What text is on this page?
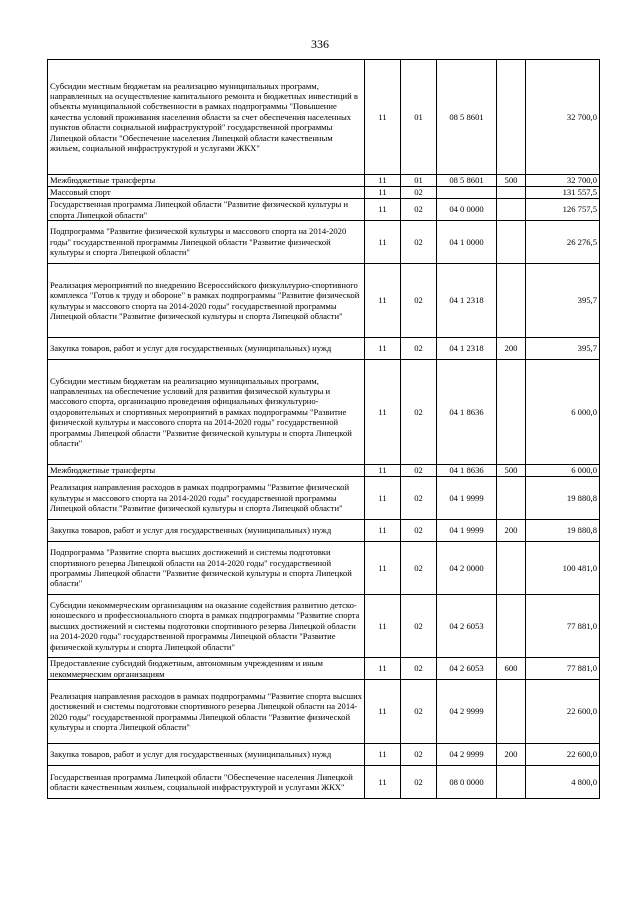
336
Субсидии местным бюджетам на реализацию муниципальных программ, направленных на осуществление капитального ремонта и бюджетных инвестиций в объекты муниципальной собственности в рамках подпрограммы "Повышение качества условий проживания населения области за счет обеспечения населенных пунктов области социальной инфраструктурой" государственной программы Липецкой области "Обеспечение населения Липецкой области качественным жильем, социальной инфраструктурой и услугами ЖКХ"	11	01	08 5 8601		32 700,0
Межбюджетные трансферты	11	01	08 5 8601	500	32 700,0
Массовый спорт	11	02			131 557,5
Государственная программа Липецкой области "Развитие физической культуры и спорта Липецкой области"	11	02	04 0 0000		126 757,5
Подпрограмма "Развитие физической культуры и массового спорта на 2014-2020 годы" государственной программы Липецкой области "Развитие физической культуры и спорта Липецкой области"	11	02	04 1 0000		26 276,5
Реализация мероприятий по внедрению Всероссийского физкультурно-спортивного комплекса "Готов к труду и обороне" в рамках подпрограммы "Развитие физической культуры и массового спорта на 2014-2020 годы" государственной программы Липецкой области "Развитие физической культуры и спорта Липецкой области"	11	02	04 1 2318		395,7
Закупка товаров, работ и услуг для государственных (муниципальных) нужд	11	02	04 1 2318	200	395,7
Субсидии местным бюджетам на реализацию муниципальных программ, направленных на обеспечение условий для развития физической культуры и массового спорта, организацию проведения официальных физкультурно-оздоровительных и спортивных мероприятий в рамках подпрограммы "Развитие физической культуры и массового спорта на 2014-2020 годы" государственной программы Липецкой области "Развитие физической культуры и спорта Липецкой области"	11	02	04 1 8636		6 000,0
Межбюджетные трансферты	11	02	04 1 8636	500	6 000,0
Реализация направления расходов в рамках подпрограммы "Развитие физической культуры и массового спорта на 2014-2020 годы" государственной программы Липецкой области "Развитие физической культуры и спорта Липецкой области"	11	02	04 1 9999		19 880,8
Закупка товаров, работ и услуг для государственных (муниципальных) нужд	11	02	04 1 9999	200	19 880,8
Подпрограмма "Развитие спорта высших достижений и системы подготовки спортивного резерва Липецкой области на 2014-2020 годы" государственной программы Липецкой области "Развитие физической культуры и спорта Липецкой области"	11	02	04 2 0000		100 481,0
Субсидии некоммерческим организациям на оказание содействия развитию детско-юношеского и профессионального спорта в рамках подпрограммы "Развитие спорта высших достижений и системы подготовки спортивного резерва Липецкой области на 2014-2020 годы" государственной программы Липецкой области "Развитие физической культуры и спорта Липецкой области"	11	02	04 2 6053		77 881,0
Предоставление субсидий бюджетным, автономным учреждениям и иным некоммерческим организациям	11	02	04 2 6053	600	77 881,0
Реализация направления расходов в рамках подпрограммы "Развитие спорта высших достижений и системы подготовки спортивного резерва Липецкой области на 2014-2020 годы" государственной программы Липецкой области "Развитие физической культуры и спорта Липецкой области"	11	02	04 2 9999		22 600,0
Закупка товаров, работ и услуг для государственных (муниципальных) нужд	11	02	04 2 9999	200	22 600,0
Государственная программа Липецкой области "Обеспечение населения Липецкой области качественным жильем, социальной инфраструктурой и услугами ЖКХ"	11	02	08 0 0000		4 800,0
